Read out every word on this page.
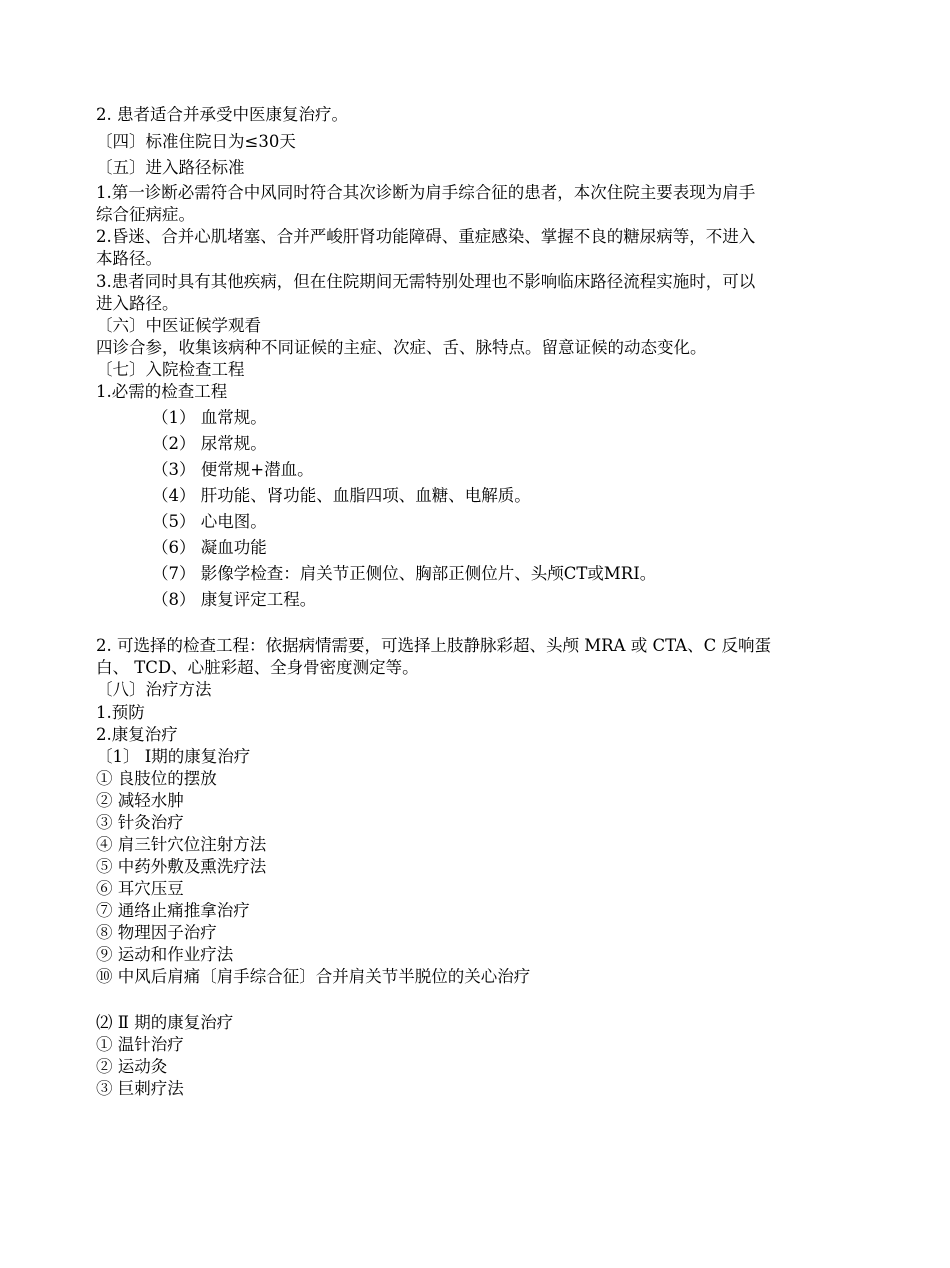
2. 患者适合并承受中医康复治疗。
〔四〕标准住院日为≤30天
〔五〕进入路径标准
1.第一诊断必需符合中风同时符合其次诊断为肩手综合征的患者，本次住院主要表现为肩手
综合征病症。
2.昏迷、合并心肌堵塞、合并严峻肝肾功能障碍、重症感染、掌握不良的糖尿病等，不进入
本路径。
3.患者同时具有其他疾病，但在住院期间无需特别处理也不影响临床路径流程实施时，可以
进入路径。
〔六〕中医证候学观看
四诊合参，收集该病种不同证候的主症、次症、舌、脉特点。留意证候的动态变化。
〔七〕入院检查工程
1.必需的检查工程
（1） 血常规。
（2） 尿常规。
（3） 便常规+潜血。
（4） 肝功能、肾功能、血脂四项、血糖、电解质。
（5） 心电图。
（6） 凝血功能
（7） 影像学检查：肩关节正侧位、胸部正侧位片、头颅CT或MRI。
（8） 康复评定工程。
2. 可选择的检查工程：依据病情需要，可选择上肢静脉彩超、头颅 MRA 或 CTA、C 反响蛋
白、 TCD、心脏彩超、全身骨密度测定等。
〔八〕治疗方法
1.预防
2.康复治疗
〔1〕 Ⅰ期的康复治疗
① 良肢位的摆放
② 减轻水肿
③ 针灸治疗
④ 肩三针穴位注射方法
⑤ 中药外敷及熏洗疗法
⑥ 耳穴压豆
⑦ 通络止痛推拿治疗
⑧ 物理因子治疗
⑨ 运动和作业疗法
⑩ 中风后肩痛〔肩手综合征〕合并肩关节半脱位的关心治疗
⑵ Ⅱ 期的康复治疗
① 温针治疗
② 运动灸
③ 巨刺疗法
